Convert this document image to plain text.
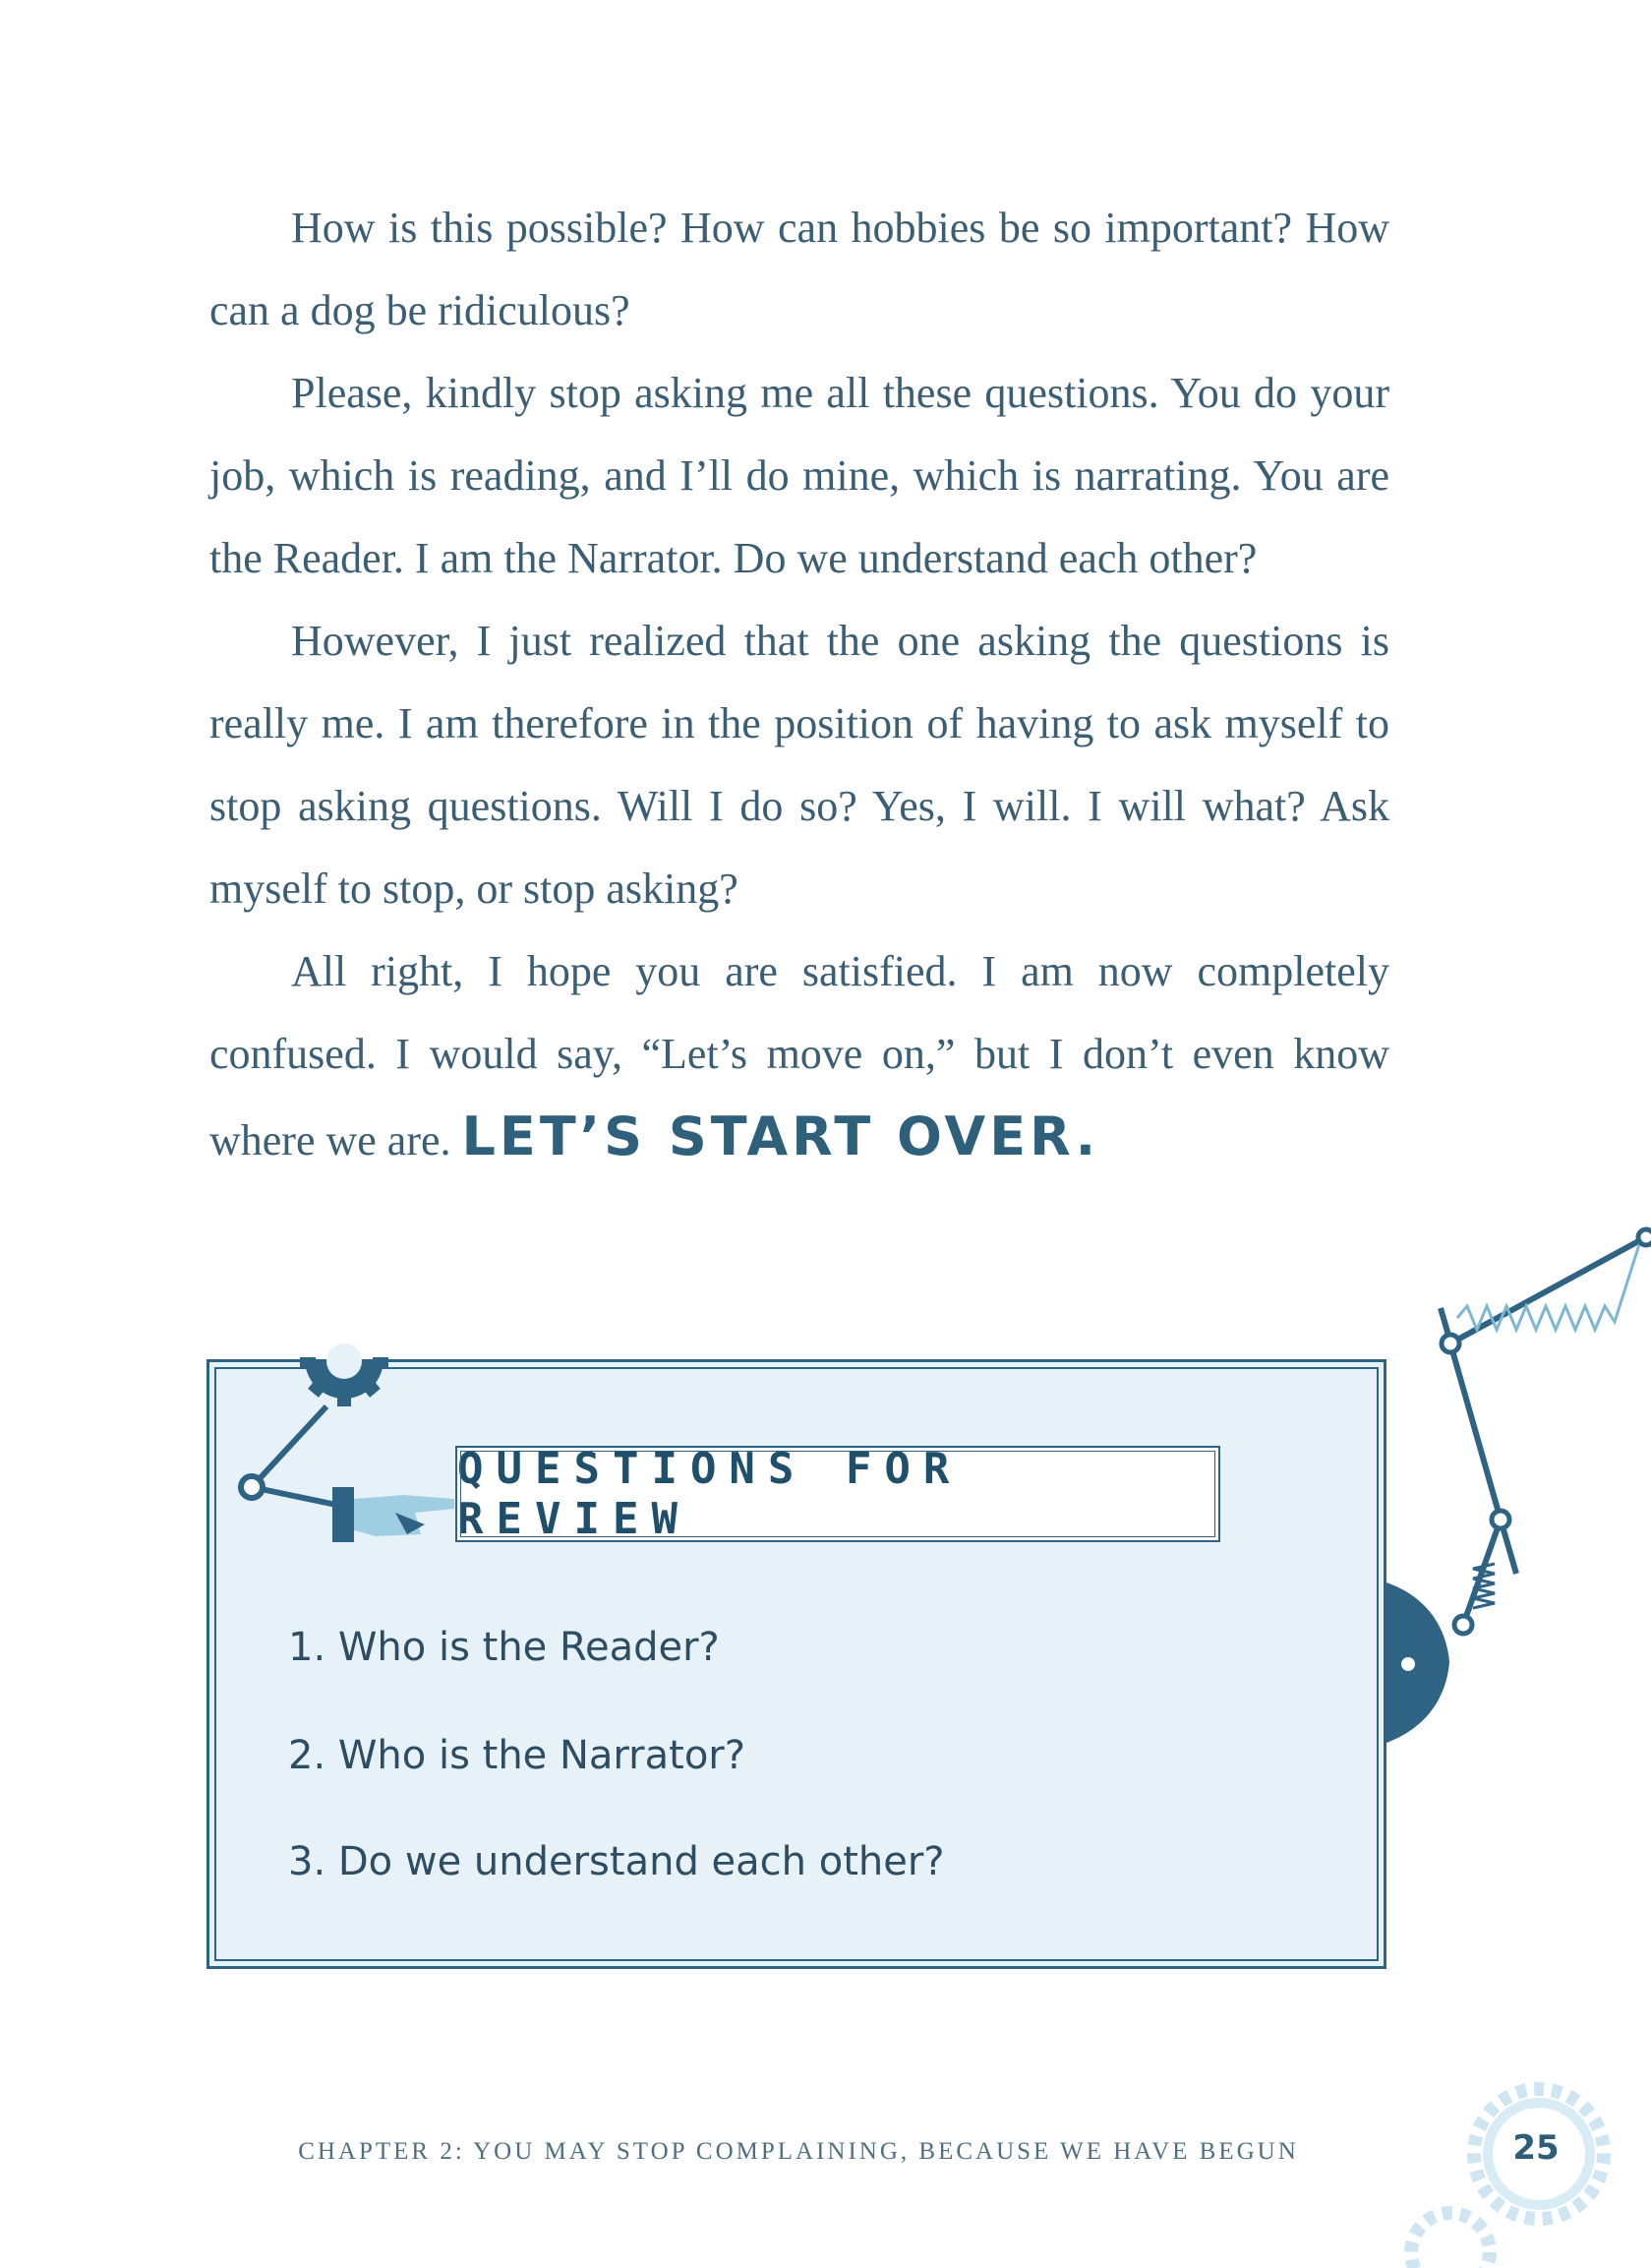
How is this possible? How can hobbies be so important? How can a dog be ridiculous?

Please, kindly stop asking me all these questions. You do your job, which is reading, and I’ll do mine, which is narrating. You are the Reader. I am the Narrator. Do we understand each other?

However, I just realized that the one asking the questions is really me. I am therefore in the position of having to ask myself to stop asking questions. Will I do so? Yes, I will. I will what? Ask myself to stop, or stop asking?

All right, I hope you are satisfied. I am now completely confused. I would say, “Let’s move on,” but I don’t even know where we are. LET’S START OVER.

QUESTIONS FOR REVIEW
1. Who is the Reader?
2. Who is the Narrator?
3. Do we understand each other?
CHAPTER 2: YOU MAY STOP COMPLAINING, BECAUSE WE HAVE BEGUN	25
